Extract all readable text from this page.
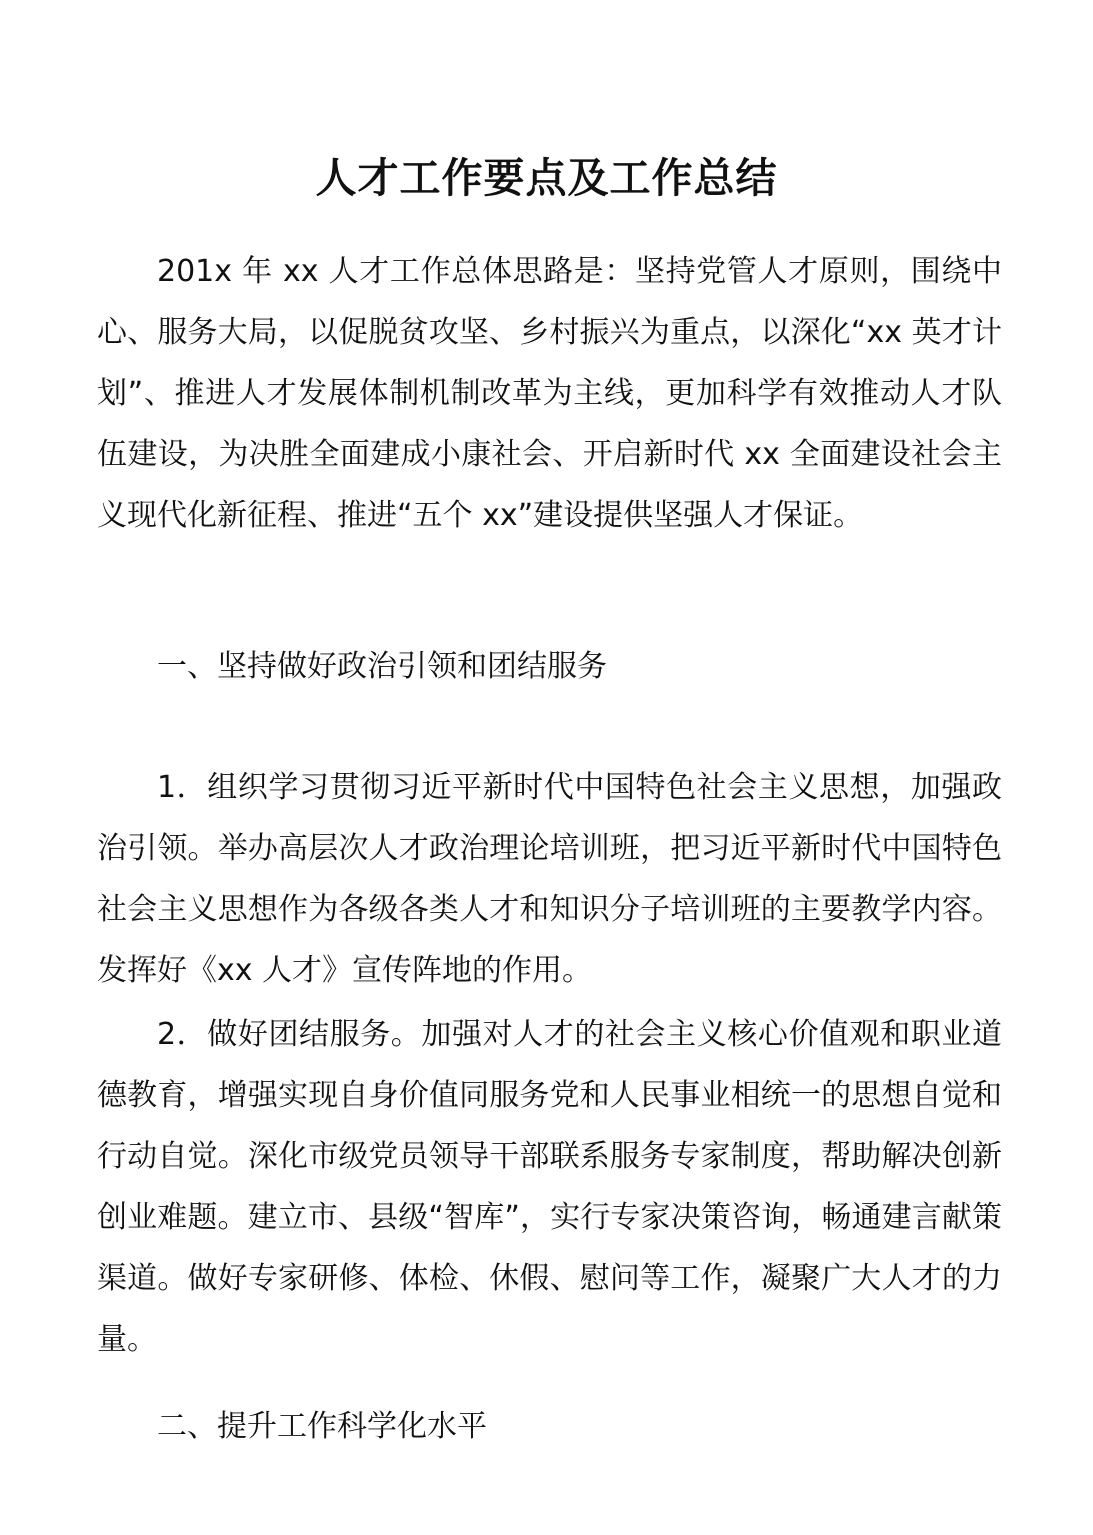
人才工作要点及工作总结

201x 年 xx 人才工作总体思路是：坚持党管人才原则，围绕中心、服务大局，以促脱贫攻坚、乡村振兴为重点，以深化“xx 英才计划”、推进人才发展体制机制改革为主线，更加科学有效推动人才队伍建设，为决胜全面建成小康社会、开启新时代 xx 全面建设社会主义现代化新征程、推进“五个 xx”建设提供坚强人才保证。

一、坚持做好政治引领和团结服务

1．组织学习贯彻习近平新时代中国特色社会主义思想，加强政治引领。举办高层次人才政治理论培训班，把习近平新时代中国特色社会主义思想作为各级各类人才和知识分子培训班的主要教学内容。发挥好《xx 人才》宣传阵地的作用。

2．做好团结服务。加强对人才的社会主义核心价值观和职业道德教育，增强实现自身价值同服务党和人民事业相统一的思想自觉和行动自觉。深化市级党员领导干部联系服务专家制度，帮助解决创新创业难题。建立市、县级“智库”，实行专家决策咨询，畅通建言献策渠道。做好专家研修、体检、休假、慰问等工作，凝聚广大人才的力量。

二、提升工作科学化水平
